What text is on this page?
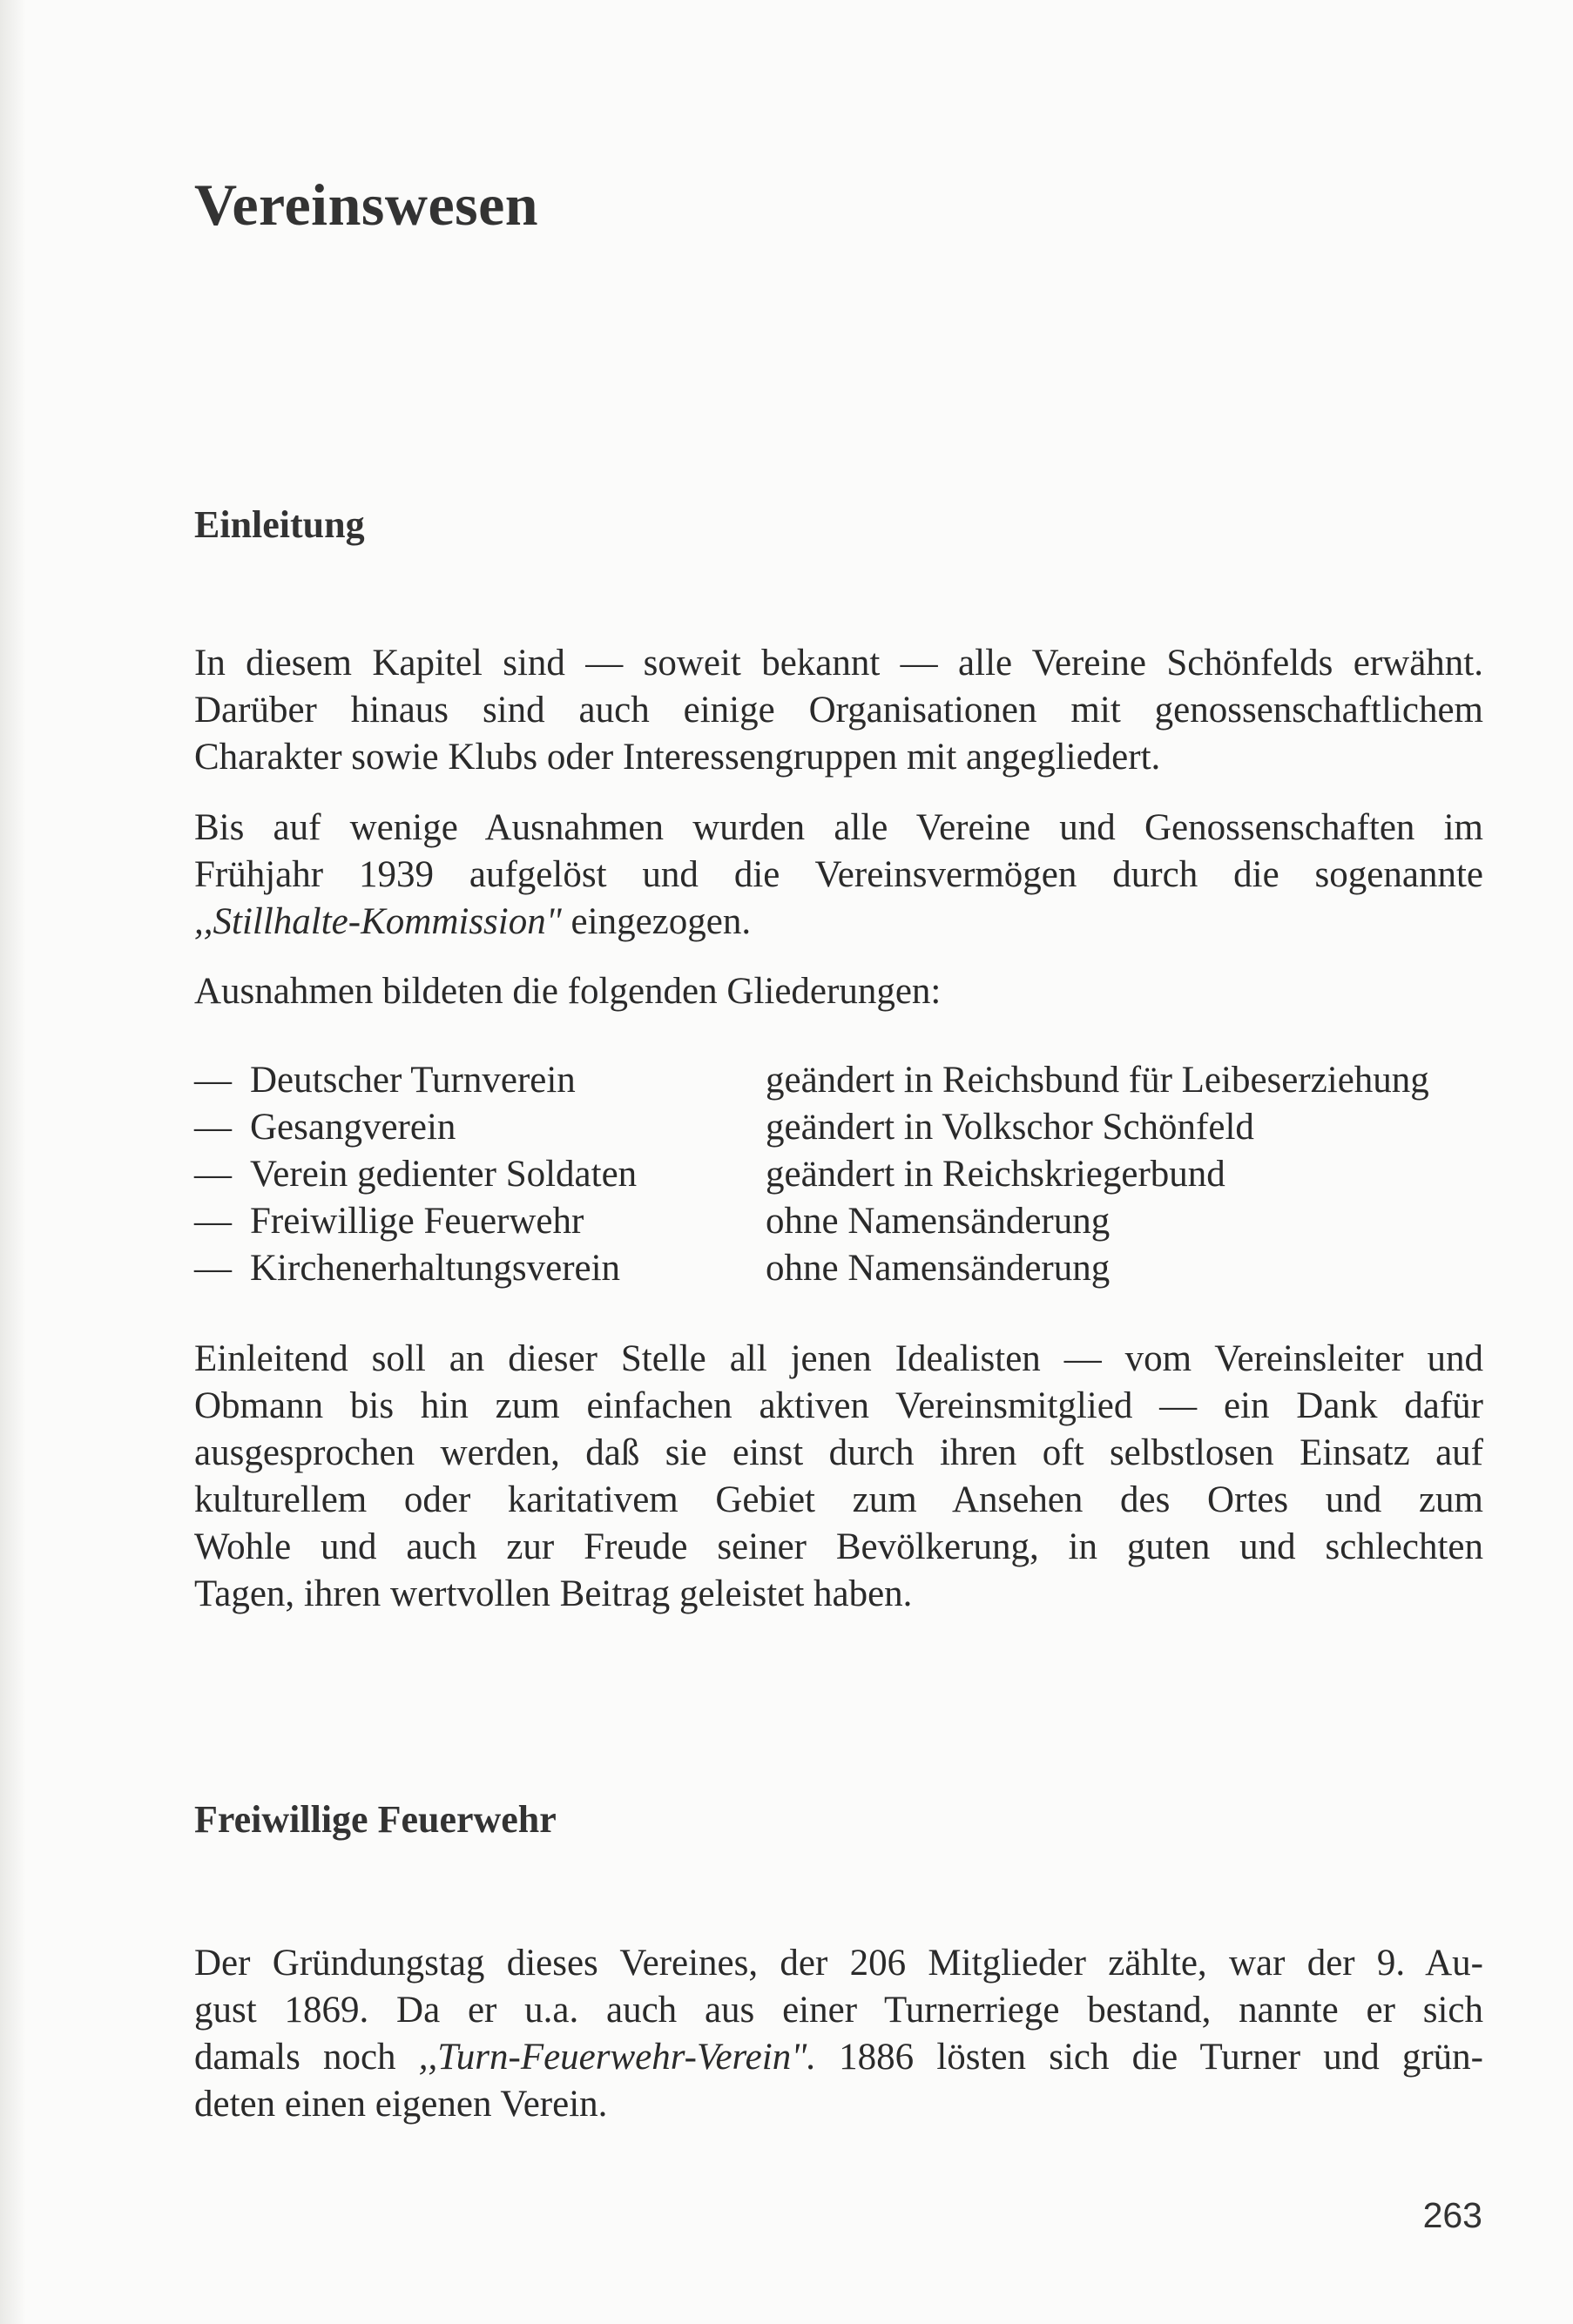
Vereinswesen
Einleitung

In diesem Kapitel sind — soweit bekannt — alle Vereine Schönfelds erwähnt.
Darüber hinaus sind auch einige Organisationen mit genossenschaftlichem
Charakter sowie Klubs oder Interessengruppen mit angegliedert.

Bis auf wenige Ausnahmen wurden alle Vereine und Genossenschaften im
Frühjahr 1939 aufgelöst und die Vereinsvermögen durch die sogenannte
,,Stillhalte-Kommission" eingezogen.

Ausnahmen bildeten die folgenden Gliederungen:

— Deutscher Turnverein	geändert in Reichsbund für Leibeserziehung
— Gesangverein	geändert in Volkschor Schönfeld
— Verein gedienter Soldaten	geändert in Reichskriegerbund
— Freiwillige Feuerwehr	ohne Namensänderung
— Kirchenerhaltungsverein	ohne Namensänderung

Einleitend soll an dieser Stelle all jenen Idealisten — vom Vereinsleiter und
Obmann bis hin zum einfachen aktiven Vereinsmitglied — ein Dank dafür
ausgesprochen werden, daß sie einst durch ihren oft selbstlosen Einsatz auf
kulturellem oder karitativem Gebiet zum Ansehen des Ortes und zum
Wohle und auch zur Freude seiner Bevölkerung, in guten und schlechten
Tagen, ihren wertvollen Beitrag geleistet haben.

Freiwillige Feuerwehr

Der Gründungstag dieses Vereines, der 206 Mitglieder zählte, war der 9. Au-
gust 1869. Da er u.a. auch aus einer Turnerriege bestand, nannte er sich
damals noch ,,Turn-Feuerwehr-Verein". 1886 lösten sich die Turner und grün-
deten einen eigenen Verein.

263
